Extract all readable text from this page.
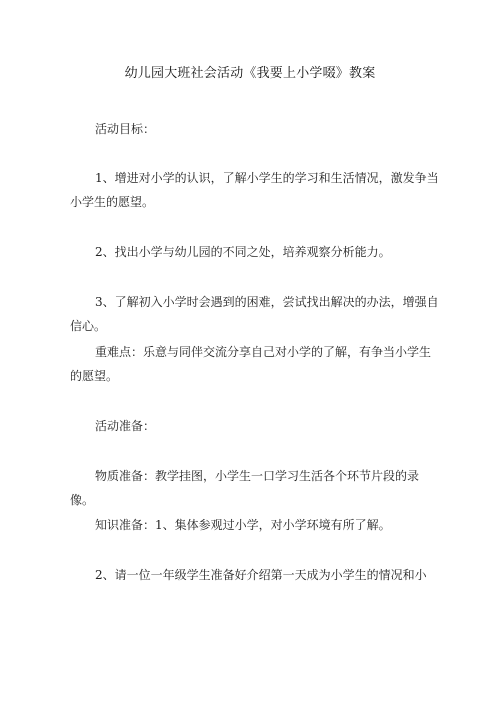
幼儿园大班社会活动《我要上小学啜》教案

活动目标：

1、增进对小学的认识，了解小学生的学习和生活情况，激发争当小学生的愿望。

2、找出小学与幼儿园的不同之处，培养观察分析能力。

3、了解初入小学时会遇到的困难，尝试找出解决的办法，增强自信心。

重难点：乐意与同伴交流分享自己对小学的了解，有争当小学生的愿望。

活动准备：

物质准备：教学挂图，小学生一口学习生活各个环节片段的录像。

知识准备：1、集体参观过小学，对小学环境有所了解。

2、请一位一年级学生准备好介绍第一天成为小学生的情况和小
